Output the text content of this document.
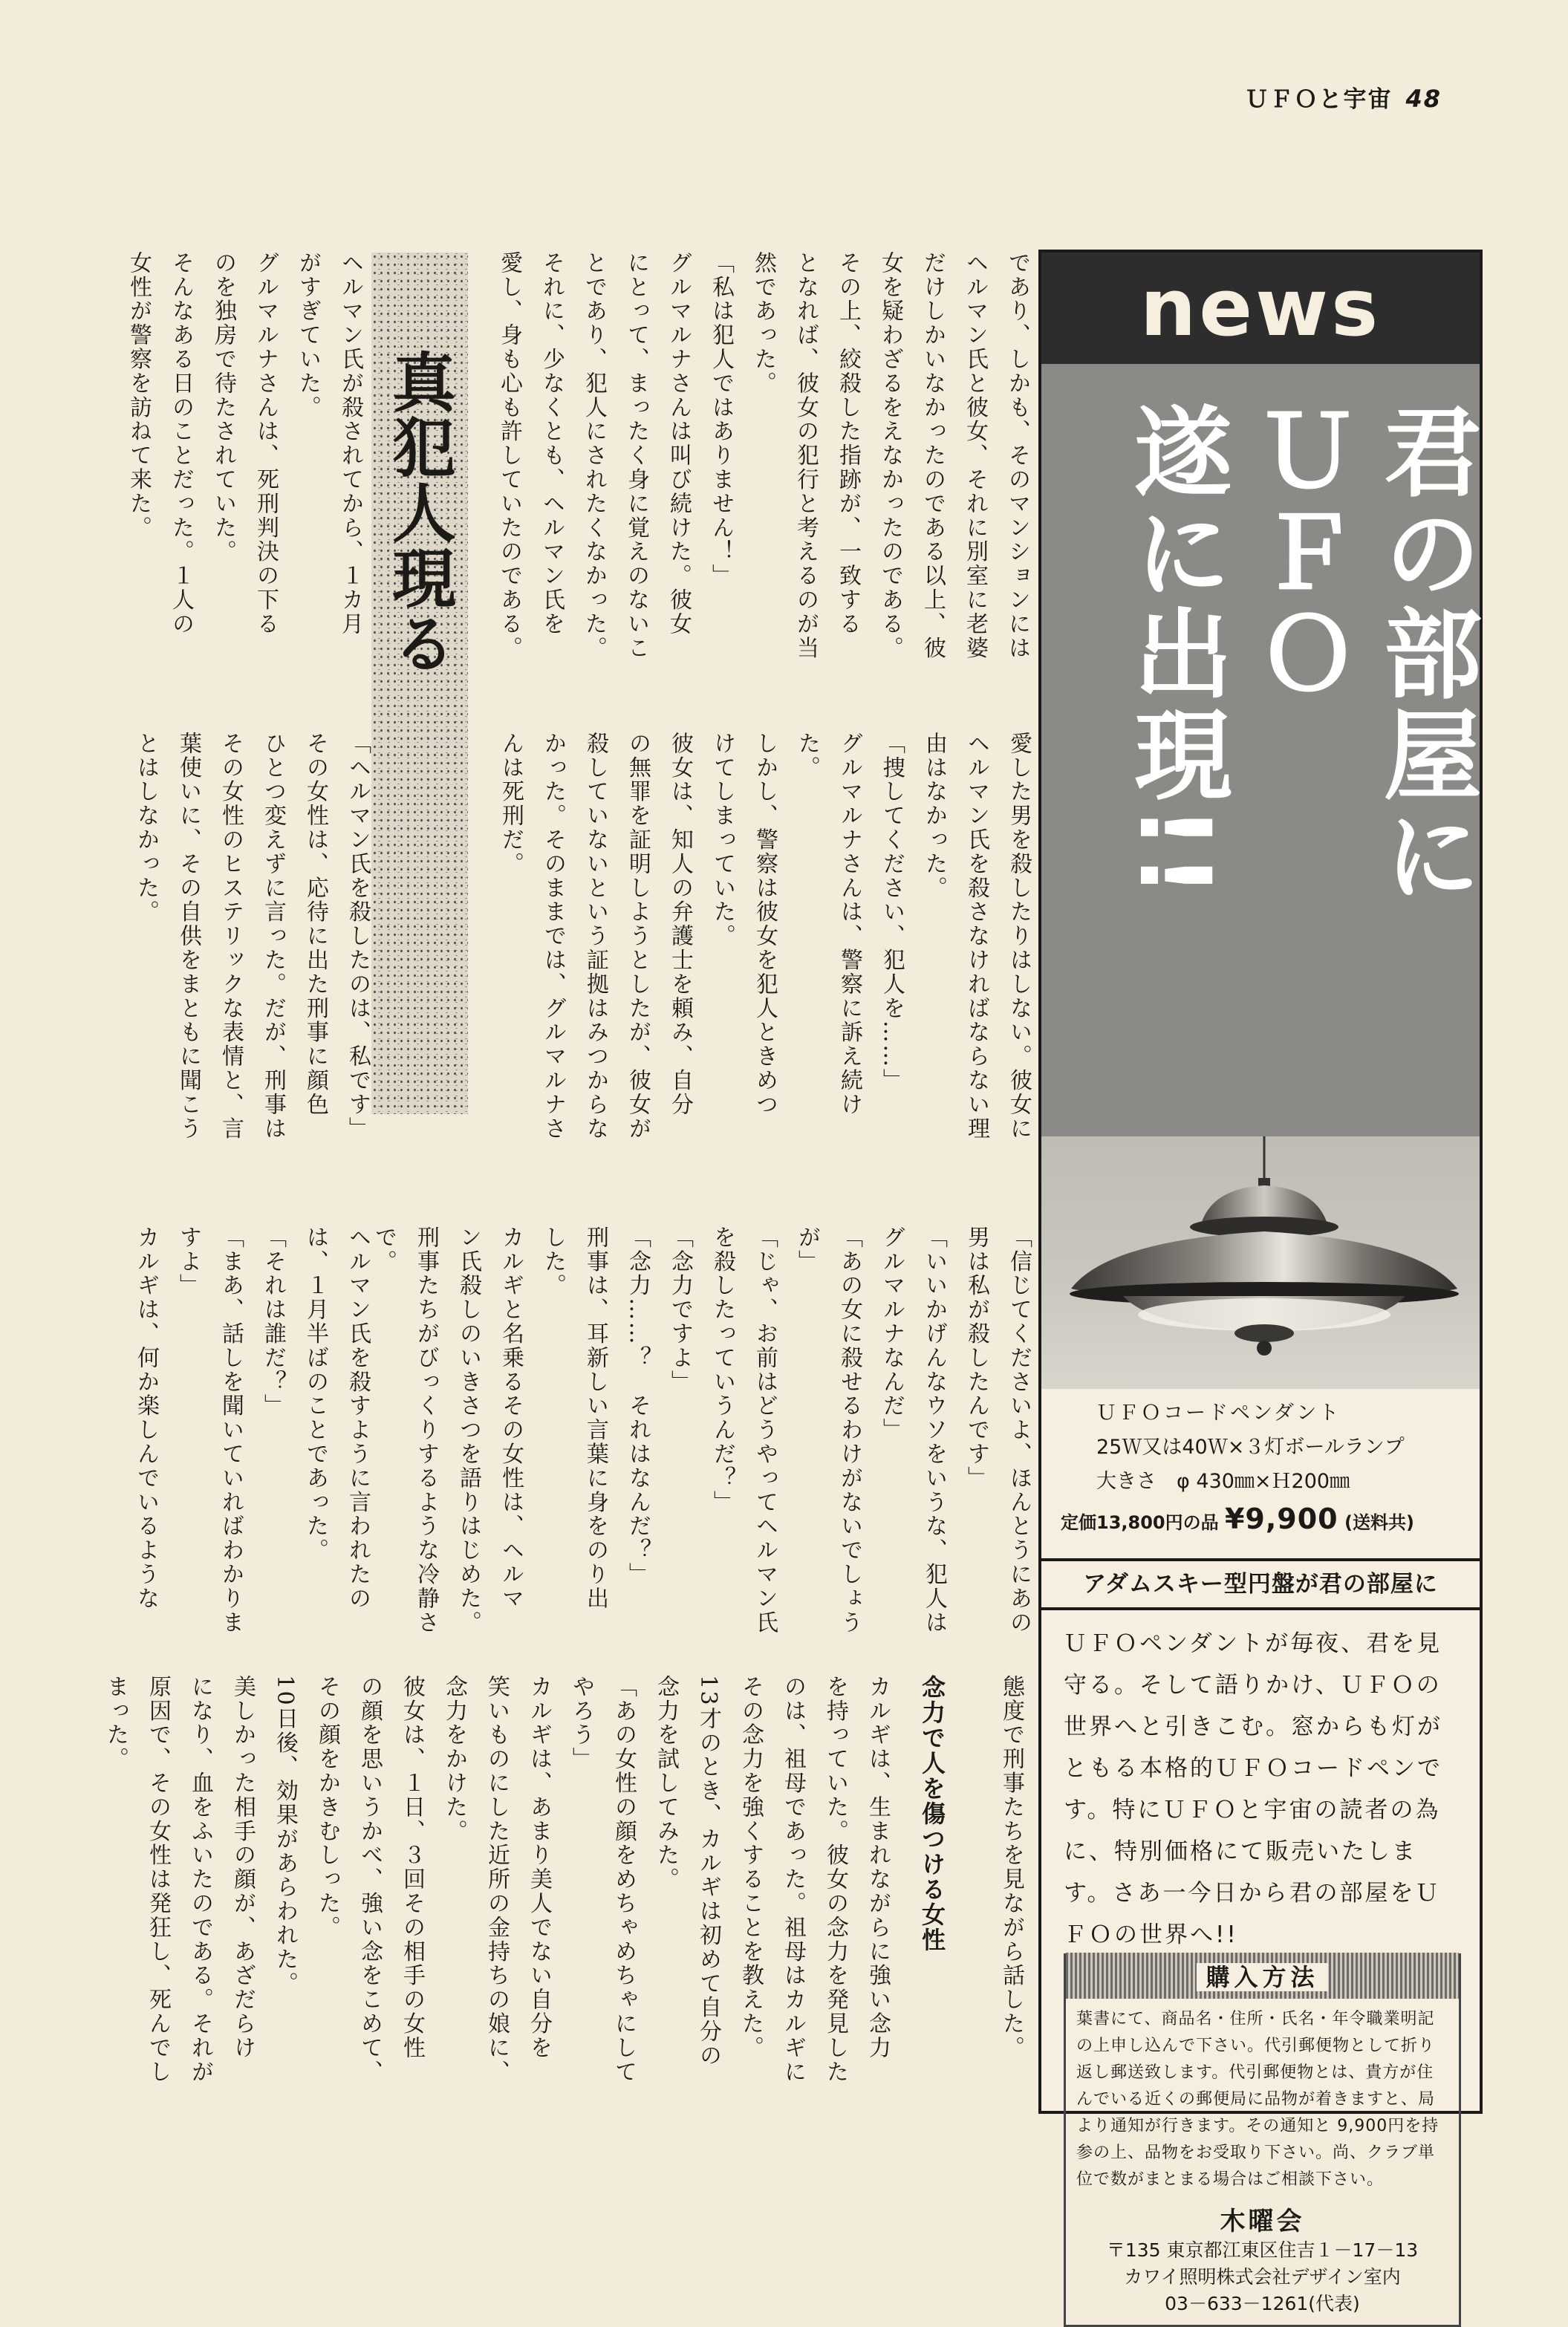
ＵＦＯと宇宙 48
であり、しかも、そのマンションには
ヘルマン氏と彼女、それに別室に老婆
だけしかいなかったのである以上、彼
女を疑わざるをえなかったのである。
その上、絞殺した指跡が、一致する
となれば、彼女の犯行と考えるのが当
然であった。
「私は犯人ではありません！」
グルマルナさんは叫び続けた。彼女
にとって、まったく身に覚えのないこ
とであり、犯人にされたくなかった。
それに、少なくとも、ヘルマン氏を
愛し、身も心も許していたのである。
真犯人現る
ヘルマン氏が殺されてから、１カ月
がすぎていた。
グルマルナさんは、死刑判決の下る
のを独房で待たされていた。
そんなある日のことだった。１人の
女性が警察を訪ねて来た。
愛した男を殺したりはしない。彼女に
ヘルマン氏を殺さなければならない理
由はなかった。
「捜してください、犯人を……」
グルマルナさんは、警察に訴え続け
た。
しかし、警察は彼女を犯人ときめつ
けてしまっていた。
彼女は、知人の弁護士を頼み、自分
の無罪を証明しようとしたが、彼女が
殺していないという証拠はみつからな
かった。そのままでは、グルマルナさ
んは死刑だ。
「ヘルマン氏を殺したのは、私です」
その女性は、応待に出た刑事に顔色
ひとつ変えずに言った。だが、刑事は
その女性のヒステリックな表情と、言
葉使いに、その自供をまともに聞こう
とはしなかった。
「信じてくださいよ、ほんとうにあの
男は私が殺したんです」
「いいかげんなウソをいうな、犯人は
グルマルナなんだ」
「あの女に殺せるわけがないでしょう
が」
「じゃ、お前はどうやってヘルマン氏
を殺したっていうんだ？」
「念力ですよ」
「念力……？　それはなんだ？」
刑事は、耳新しい言葉に身をのり出
した。
カルギと名乗るその女性は、ヘルマ
ン氏殺しのいきさつを語りはじめた。
刑事たちがびっくりするような冷静さ
で。
ヘルマン氏を殺すように言われたの
は、１月半ばのことであった。
「それは誰だ？」
「まあ、話しを聞いていればわかりま
すよ」
カルギは、何か楽しんでいるような
態度で刑事たちを見ながら話した。
念力で人を傷つける女性
カルギは、生まれながらに強い念力
を持っていた。彼女の念力を発見した
のは、祖母であった。祖母はカルギに
その念力を強くすることを教えた。
13才のとき、カルギは初めて自分の
念力を試してみた。
「あの女性の顔をめちゃめちゃにして
やろう」
カルギは、あまり美人でない自分を
笑いものにした近所の金持ちの娘に、
念力をかけた。
彼女は、１日、３回その相手の女性
の顔を思いうかべ、強い念をこめて、
その顔をかきむしった。
10日後、効果があらわれた。
美しかった相手の顔が、あざだらけ
になり、血をふいたのである。それが
原因で、その女性は発狂し、死んでし
まった。
news
君の部屋に
ＵＦＯ
遂に出現!!
ＵＦＯコードペンダント
25Ｗ又は40Ｗ×３灯ボールランプ
大きさ　φ 430㎜×Ｈ200㎜
定価13,800円の品 ¥9,900 (送料共)
アダムスキー型円盤が君の部屋に
ＵＦＯペンダントが毎夜、君を見守る。そして語りかけ、ＵＦＯの世界へと引きこむ。窓からも灯がともる本格的ＵＦＯコードペンです。特にＵＦＯと宇宙の読者の為に、特別価格にて販売いたします。さあ一今日から君の部屋をＵＦＯの世界へ!!
購入方法
葉書にて、商品名・住所・氏名・年令職業明記の上申し込んで下さい。代引郵便物として折り返し郵送致します。代引郵便物とは、貴方が住んでいる近くの郵便局に品物が着きますと、局より通知が行きます。その通知と 9,900円を持参の上、品物をお受取り下さい。尚、クラブ単位で数がまとまる場合はご相談下さい。
木曜会
〒135 東京都江東区住吉１－17－13
カワイ照明株式会社デザイン室内
03－633－1261(代表)
